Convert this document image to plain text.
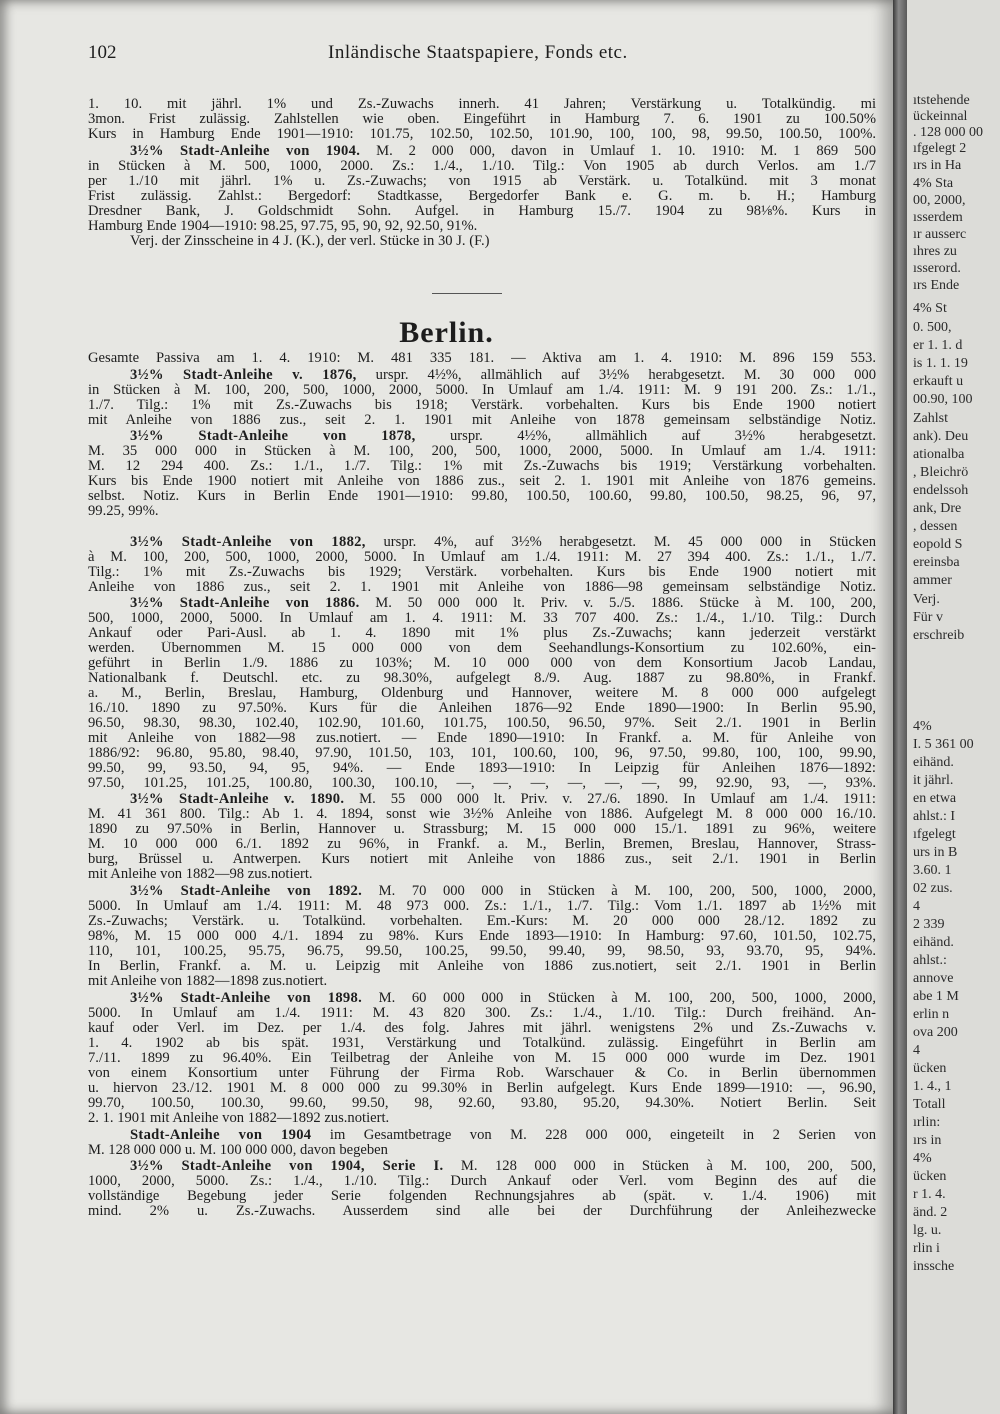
102	Inländische Staatspapiere, Fonds etc.
1. 10. mit jährl. 1% und Zs.-Zuwachs innerh. 41 Jahren; Verstärkung u. Totalkündig. mi
3mon. Frist zulässig. Zahlstellen wie oben. Eingeführt in Hamburg 7. 6. 1901 zu 100.50%
Kurs in Hamburg Ende 1901—1910: 101.75, 102.50, 102.50, 101.90, 100, 100, 98, 99.50, 100.50, 100%.
3½% Stadt-Anleihe von 1904. M. 2 000 000, davon in Umlauf 1. 10. 1910: M. 1 869 500
in Stücken à M. 500, 1000, 2000. Zs.: 1./4., 1./10. Tilg.: Von 1905 ab durch Verlos. am 1./7
per 1./10 mit jährl. 1% u. Zs.-Zuwachs; von 1915 ab Verstärk. u. Totalkünd. mit 3 monat
Frist zulässig. Zahlst.: Bergedorf: Stadtkasse, Bergedorfer Bank e. G. m. b. H.; Hamburg
Dresdner Bank, J. Goldschmidt Sohn. Aufgel. in Hamburg 15./7. 1904 zu 98⅛%. Kurs in
Hamburg Ende 1904—1910: 98.25, 97.75, 95, 90, 92, 92.50, 91%.
Verj. der Zinsscheine in 4 J. (K.), der verl. Stücke in 30 J. (F.)
Berlin.
Gesamte Passiva am 1. 4. 1910: M. 481 335 181. — Aktiva am 1. 4. 1910: M. 896 159 553.
3½% Stadt-Anleihe v. 1876, urspr. 4½%, allmählich auf 3½% herabgesetzt. M. 30 000 000
in Stücken à M. 100, 200, 500, 1000, 2000, 5000. In Umlauf am 1./4. 1911: M. 9 191 200. Zs.: 1./1.,
1./7. Tilg.: 1% mit Zs.-Zuwachs bis 1918; Verstärk. vorbehalten. Kurs bis Ende 1900 notiert
mit Anleihe von 1886 zus., seit 2. 1. 1901 mit Anleihe von 1878 gemeinsam selbständige Notiz.
3½% Stadt-Anleihe von 1878, urspr. 4½%, allmählich auf 3½% herabgesetzt.
M. 35 000 000 in Stücken à M. 100, 200, 500, 1000, 2000, 5000. In Umlauf am 1./4. 1911:
M. 12 294 400. Zs.: 1./1., 1./7. Tilg.: 1% mit Zs.-Zuwachs bis 1919; Verstärkung vorbehalten.
Kurs bis Ende 1900 notiert mit Anleihe von 1886 zus., seit 2. 1. 1901 mit Anleihe von 1876 gemeins.
selbst. Notiz. Kurs in Berlin Ende 1901—1910: 99.80, 100.50, 100.60, 99.80, 100.50, 98.25, 96, 97,
99.25, 99%.
3½% Stadt-Anleihe von 1882, urspr. 4%, auf 3½% herabgesetzt. M. 45 000 000 in Stücken
à M. 100, 200, 500, 1000, 2000, 5000. In Umlauf am 1./4. 1911: M. 27 394 400. Zs.: 1./1., 1./7.
Tilg.: 1% mit Zs.-Zuwachs bis 1929; Verstärk. vorbehalten. Kurs bis Ende 1900 notiert mit
Anleihe von 1886 zus., seit 2. 1. 1901 mit Anleihe von 1886—98 gemeinsam selbständige Notiz.
3½% Stadt-Anleihe von 1886. M. 50 000 000 lt. Priv. v. 5./5. 1886. Stücke à M. 100, 200,
500, 1000, 2000, 5000. In Umlauf am 1. 4. 1911: M. 33 707 400. Zs.: 1./4., 1./10. Tilg.: Durch
Ankauf oder Pari-Ausl. ab 1. 4. 1890 mit 1% plus Zs.-Zuwachs; kann jederzeit verstärkt
werden. Übernommen M. 15 000 000 von dem Seehandlungs-Konsortium zu 102.60%, ein-
geführt in Berlin 1./9. 1886 zu 103%; M. 10 000 000 von dem Konsortium Jacob Landau,
Nationalbank f. Deutschl. etc. zu 98.30%, aufgelegt 8./9. Aug. 1887 zu 98.80%, in Frankf.
a. M., Berlin, Breslau, Hamburg, Oldenburg und Hannover, weitere M. 8 000 000 aufgelegt
16./10. 1890 zu 97.50%. Kurs für die Anleihen 1876—92 Ende 1890—1900: In Berlin 95.90,
96.50, 98.30, 98.30, 102.40, 102.90, 101.60, 101.75, 100.50, 96.50, 97%. Seit 2./1. 1901 in Berlin
mit Anleihe von 1882—98 zus.notiert. — Ende 1890—1910: In Frankf. a. M. für Anleihe von
1886/92: 96.80, 95.80, 98.40, 97.90, 101.50, 103, 101, 100.60, 100, 96, 97.50, 99.80, 100, 100, 99.90,
99.50, 99, 93.50, 94, 95, 94%. — Ende 1893—1910: In Leipzig für Anleihen 1876—1892:
97.50, 101.25, 101.25, 100.80, 100.30, 100.10, —, —, —, —, —, —, 99, 92.90, 93, —, 93%.
3½% Stadt-Anleihe v. 1890. M. 55 000 000 lt. Priv. v. 27./6. 1890. In Umlauf am 1./4. 1911:
M. 41 361 800. Tilg.: Ab 1. 4. 1894, sonst wie 3½% Anleihe von 1886. Aufgelegt M. 8 000 000 16./10.
1890 zu 97.50% in Berlin, Hannover u. Strassburg; M. 15 000 000 15./1. 1891 zu 96%, weitere
M. 10 000 000 6./1. 1892 zu 96%, in Frankf. a. M., Berlin, Bremen, Breslau, Hannover, Strass-
burg, Brüssel u. Antwerpen. Kurs notiert mit Anleihe von 1886 zus., seit 2./1. 1901 in Berlin
mit Anleihe von 1882—98 zus.notiert.
3½% Stadt-Anleihe von 1892. M. 70 000 000 in Stücken à M. 100, 200, 500, 1000, 2000,
5000. In Umlauf am 1./4. 1911: M. 48 973 000. Zs.: 1./1., 1./7. Tilg.: Vom 1./1. 1897 ab 1½% mit
Zs.-Zuwachs; Verstärk. u. Totalkünd. vorbehalten. Em.-Kurs: M. 20 000 000 28./12. 1892 zu
98%, M. 15 000 000 4./1. 1894 zu 98%. Kurs Ende 1893—1910: In Hamburg: 97.60, 101.50, 102.75,
110, 101, 100.25, 95.75, 96.75, 99.50, 100.25, 99.50, 99.40, 99, 98.50, 93, 93.70, 95, 94%.
In Berlin, Frankf. a. M. u. Leipzig mit Anleihe von 1886 zus.notiert, seit 2./1. 1901 in Berlin
mit Anleihe von 1882—1898 zus.notiert.
3½% Stadt-Anleihe von 1898. M. 60 000 000 in Stücken à M. 100, 200, 500, 1000, 2000,
5000. In Umlauf am 1./4. 1911: M. 43 820 300. Zs.: 1./4., 1./10. Tilg.: Durch freihänd. An-
kauf oder Verl. im Dez. per 1./4. des folg. Jahres mit jährl. wenigstens 2% und Zs.-Zuwachs v.
1. 4. 1902 ab bis spät. 1931, Verstärkung und Totalkünd. zulässig. Eingeführt in Berlin am
7./11. 1899 zu 96.40%. Ein Teilbetrag der Anleihe von M. 15 000 000 wurde im Dez. 1901
von einem Konsortium unter Führung der Firma Rob. Warschauer & Co. in Berlin übernommen
u. hiervon 23./12. 1901 M. 8 000 000 zu 99.30% in Berlin aufgelegt. Kurs Ende 1899—1910: —, 96.90,
99.70, 100.50, 100.30, 99.60, 99.50, 98, 92.60, 93.80, 95.20, 94.30%. Notiert Berlin. Seit
2. 1. 1901 mit Anleihe von 1882—1892 zus.notiert.
Stadt-Anleihe von 1904 im Gesamtbetrage von M. 228 000 000, eingeteilt in 2 Serien von
M. 128 000 000 u. M. 100 000 000, davon begeben
3½% Stadt-Anleihe von 1904, Serie I. M. 128 000 000 in Stücken à M. 100, 200, 500,
1000, 2000, 5000. Zs.: 1./4., 1./10. Tilg.: Durch Ankauf oder Verl. vom Beginn des auf die
vollständige Begebung jeder Serie folgenden Rechnungsjahres ab (spät. v. 1./4. 1906) mit
mind. 2% u. Zs.-Zuwachs. Ausserdem sind alle bei der Durchführung der Anleihezwecke
ıtstehende
ückeinnal
. 128 000 00
ıfgelegt 2
ırs in Ha
4% Sta
00, 2000,
ısserdem
ır ausserc
ıhres zu
ısserord.
ırs Ende
4% St
0. 500,
er 1. 1. d
is 1. 1. 19
erkauft u
00.90, 100
Zahlst
ank). Deu
ationalba
, Bleichrö
endelssoh
ank, Dre
, dessen
eopold S
ereinsba
ammer
Verj.
Für v
erschreib
4%
I. 5 361 00
eihänd.
it jährl.
en etwa
ahlst.: I
ıfgelegt
urs in B
3.60. 1
02 zus.
4
2 339
eihänd.
ahlst.:
annove
abe 1 M
erlin n
ova 200
4
ücken
1. 4., 1
Totall
ırlin:
ırs in
4%
ücken
r 1. 4.
änd. 2
lg. u.
rlin i
inssche
